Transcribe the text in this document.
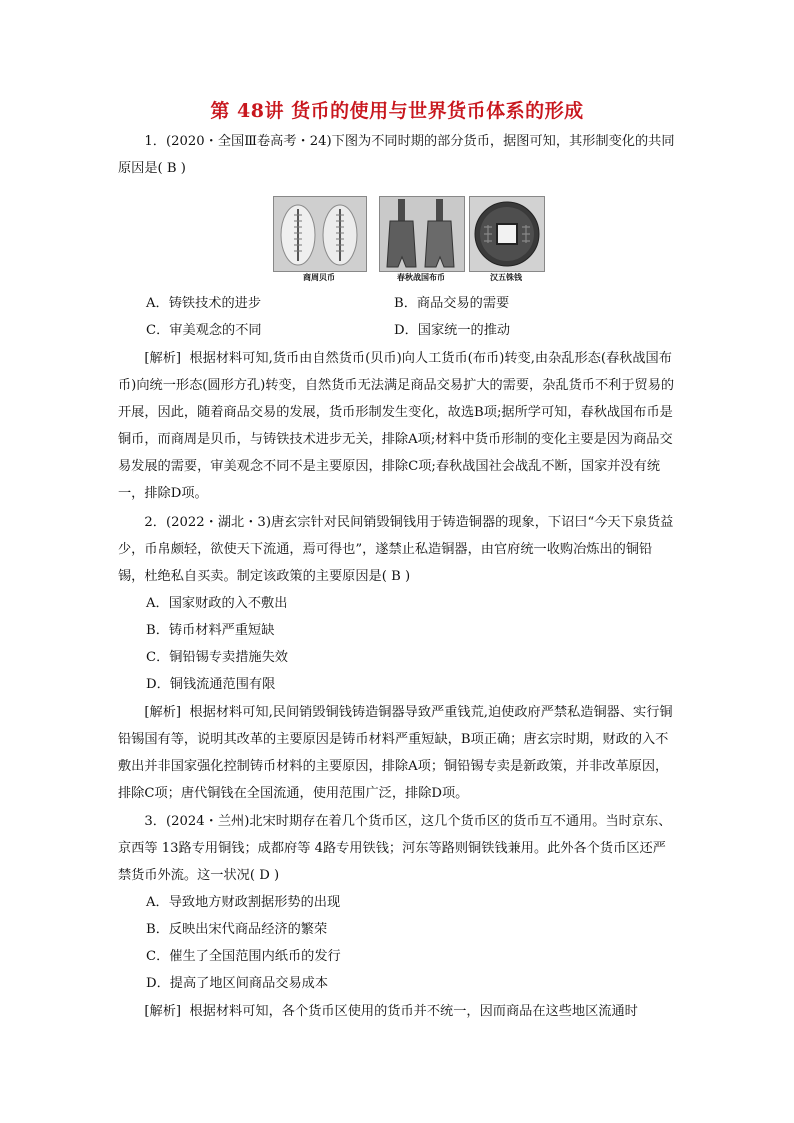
第 48讲 货币的使用与世界货币体系的形成
1．(2020・全国Ⅲ卷高考・24)下图为不同时期的部分货币，据图可知，其形制变化的共同原因是( B )
商周贝币	春秋战国布币	汉五铢钱
A．铸铁技术的进步	B．商品交易的需要
C．审美观念的不同	D．国家统一的推动
[解析] 根据材料可知,货币由自然货币(贝币)向人工货币(布币)转变,由杂乱形态(春秋战国布币)向统一形态(圆形方孔)转变，自然货币无法满足商品交易扩大的需要，杂乱货币不利于贸易的开展，因此，随着商品交易的发展，货币形制发生变化，故选B项;据所学可知，春秋战国布币是铜币，而商周是贝币，与铸铁技术进步无关，排除A项;材料中货币形制的变化主要是因为商品交易发展的需要，审美观念不同不是主要原因，排除C项;春秋战国社会战乱不断，国家并没有统一，排除D项。
2．(2022・湖北・3)唐玄宗针对民间销毁铜钱用于铸造铜器的现象，下诏曰“今天下泉货益少，币帛颇轻，欲使天下流通，焉可得也”，遂禁止私造铜器，由官府统一收购冶炼出的铜铅锡，杜绝私自买卖。制定该政策的主要原因是( B )
A．国家财政的入不敷出
B．铸币材料严重短缺
C．铜铅锡专卖措施失效
D．铜钱流通范围有限
[解析] 根据材料可知,民间销毁铜钱铸造铜器导致严重钱荒,迫使政府严禁私造铜器、实行铜铅锡国有等，说明其改革的主要原因是铸币材料严重短缺，B项正确；唐玄宗时期，财政的入不敷出并非国家强化控制铸币材料的主要原因，排除A项；铜铅锡专卖是新政策，并非改革原因，排除C项；唐代铜钱在全国流通，使用范围广泛，排除D项。
3．(2024・兰州)北宋时期存在着几个货币区，这几个货币区的货币互不通用。当时京东、京西等 13路专用铜钱；成都府等 4路专用铁钱；河东等路则铜铁钱兼用。此外各个货币区还严禁货币外流。这一状况( D )
A．导致地方财政割据形势的出现
B．反映出宋代商品经济的繁荣
C．催生了全国范围内纸币的发行
D．提高了地区间商品交易成本
[解析] 根据材料可知，各个货币区使用的货币并不统一，因而商品在这些地区流通时
